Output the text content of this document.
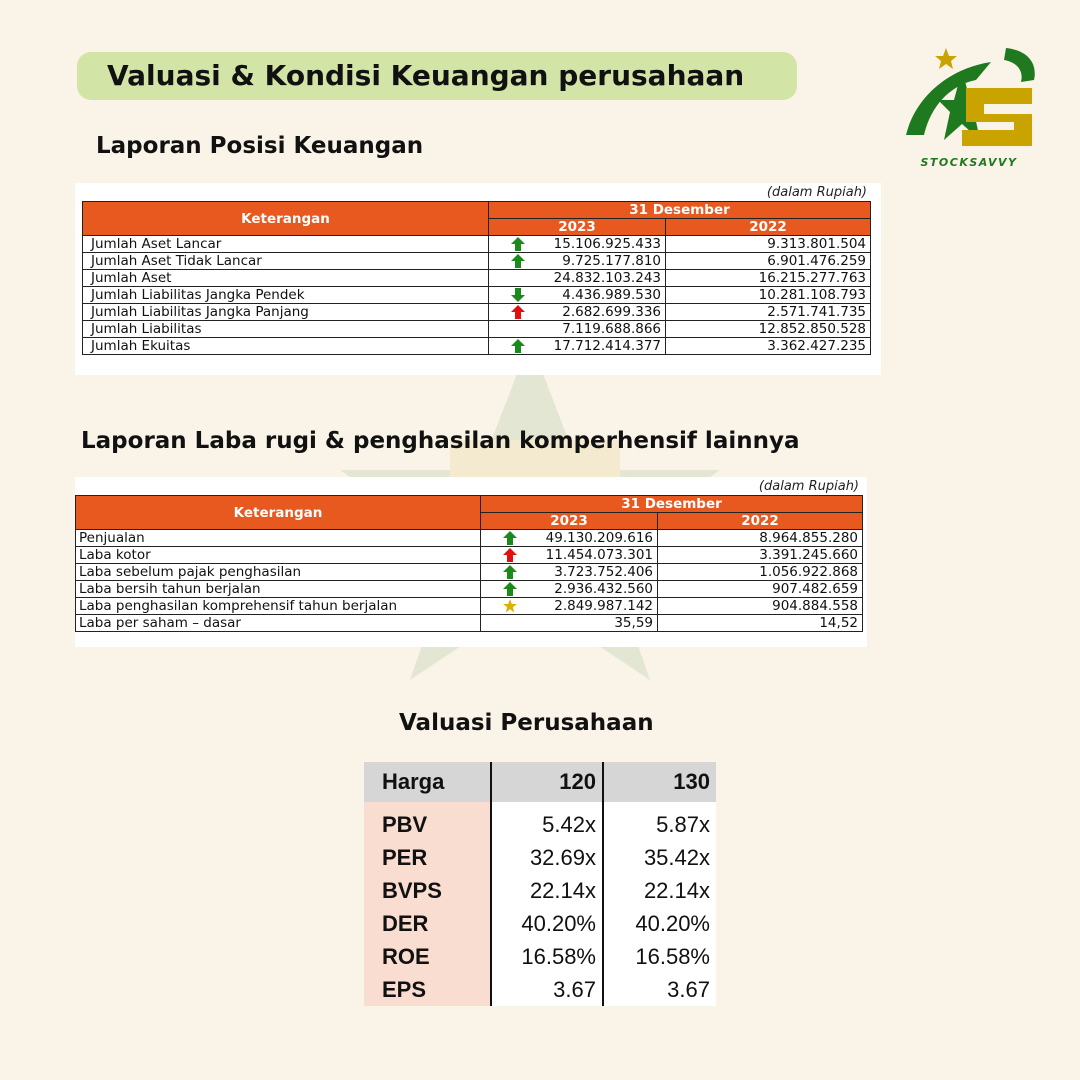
Valuasi & Kondisi Keuangan perusahaan
STOCKSAVVY
Laporan Posisi Keuangan
(dalam Rupiah)
Keterangan	31 Desember	
	2023	2022
Jumlah Aset Lancar	15.106.925.433	9.313.801.504
Jumlah Aset Tidak Lancar	9.725.177.810	6.901.476.259
Jumlah Aset	24.832.103.243	16.215.277.763
Jumlah Liabilitas Jangka Pendek	4.436.989.530	10.281.108.793
Jumlah Liabilitas Jangka Panjang	2.682.699.336	2.571.741.735
Jumlah Liabilitas	7.119.688.866	12.852.850.528
Jumlah Ekuitas	17.712.414.377	3.362.427.235
Laporan Laba rugi & penghasilan komperhensif lainnya
(dalam Rupiah)
Keterangan	31 Desember	
	2023	2022
Penjualan	49.130.209.616	8.964.855.280
Laba kotor	11.454.073.301	3.391.245.660
Laba sebelum pajak penghasilan	3.723.752.406	1.056.922.868
Laba bersih tahun berjalan	2.936.432.560	907.482.659
Laba penghasilan komprehensif tahun berjalan	2.849.987.142	904.884.558
Laba per saham – dasar	35,59	14,52
Valuasi Perusahaan
Harga	120	130

PBV	5.42x	5.87x
PER	32.69x	35.42x
BVPS	22.14x	22.14x
DER	40.20%	40.20%
ROE	16.58%	16.58%
EPS	3.67	3.67
